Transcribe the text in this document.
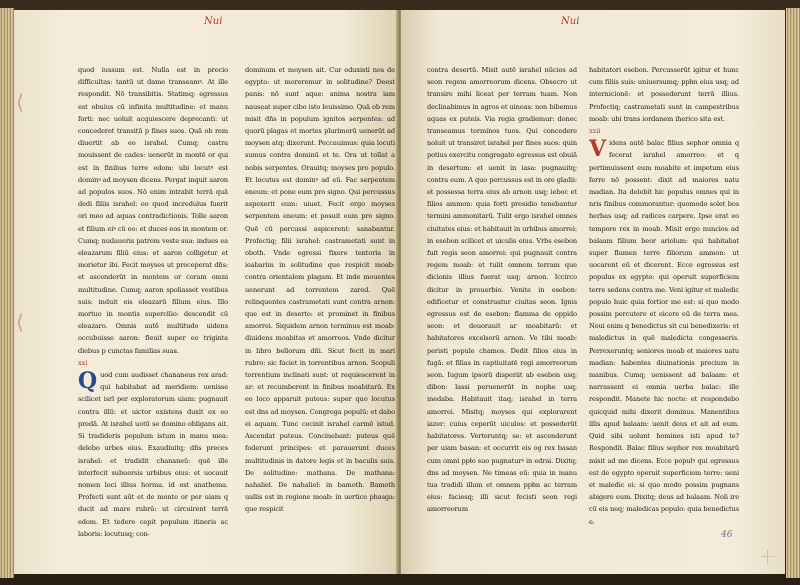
Nui
⟨
⟨

quod iussum est. Nulla est in precio difficultas: tantū ut dame transeamꝰ. At ille respondit. Nō transibitis. Statimq; egressus est obuius cū infinita multitudine: et manu forti: nec uoluit acquiescere deprecanti: ut concederet transitū p fines suos. Quā ob rem diuertit ab eo israhel. Cumq; castra mouissent de cades: uenerūt in montē or qui est in finibus terre edom: ubi locutꝰ est dominꝰ ad moysen dicens. Pergat inquit aaron ad populos suos. Nō enim intrabit terrā quā dedi filiis israhel: eo quod incredulus fuerit ori meo ad aquas contradictionis. Tolle aaron et filium eiꝰ cū eo: et duces eos in montem or. Cumq; nudaueris patrem veste sua: indues ea eleazarum filiū eius: et aaron colligetur et morietur ibi. Fecit moyses ut preceperat dñs: et ascenderūt in montem or coram omni multitudine. Cumq; aaron spoliasset vestibus suis: induit eis eleazarū filium eius. Illo mortuo in montis supercilio: descendit cū eleazaro. Omnis autē multitudo uidens occubuisse aaron: fleuit super eo triginta diebus p cunctas familias suas.

xxi

Quod cum audisset chananeus rex arad: qui habitabat ad meridiem: uenisse scilicet isrl per exploratorum uiam: pugnauit contra illū: et uictor existens duxit ex eo predā. At israhel uotū se domino obligans ait. Si tradideris populum istum in manu mea: delebo urbes eius. Exaudiuitq; dñs preces israhel: et tradidit chananeū: quē ille interfecit subuersis urbibus eius: et uocauit nomen loci illius horma. id est anathema. Profecti sunt aūt et de monte or per uiam q ducit ad mare rubrū: ut circuirent terrā edom. Et tedere cepit populum itineris ac laboris: locutusq; con-

dominum et moysen ait. Cur eduxisti nos de egypto: ut moreremur in solitudine? Deest panis: nō sunt aque: anima nostra iam nauseat super cibo isto leuissimo. Quā ob rem misit dñs in populum ignitos serpentes: ad quorū plagas et mortes plurimorū uenerūt ad moysen atq; dixerunt. Peccauimus: quia locuti sumus contra dominū et te. Ora ut tollat a nobis serpentes. Orauitq; moyses pro populo. Et locutus est dominꝰ ad eū. Fac serpentem eneum: et pone eum pro signo. Qui percussus aspexerit eum: uiuet. Fecit ergo moyses serpentem eneum: et posuit eum pro signo. Quē cū percussi aspicerent: sanabantur. Profectiq; filii israhel: castrametati sunt in oboth. Vnde egressi fixere tentoria in ieabarim in solitudine que respicit moab: contra orientalem plagam. Et inde mouentes uenerunt ad torrentem zared. Quē relinquentes castrametati sunt contra arnon: que est in deserto: et prominet in finibus amorrei. Siquidem arnon terminus est moab: diuidens moabitas et amorreos. Vnde dicitur in libro bellorum dñi. Sicut fecit in mari rubro: sic faciet in torrentibus arnon. Scopuli torrentium inclinati sunt: ut requiescerent in ar: et recumberent in finibus moabitarū. Ex eo loco apparuit puteus: super quo locutus est dns ad moysen. Congrega populū: et dabo ei aquam. Tunc cecinit israhel carmē istud. Ascendat puteus. Concinebant: puteus quē foderunt principes: et parauerunt duces multitudinis in datore legis et in baculis suis. De solitudine: mathana. De mathana: nahaliel. De nahaliel: in bamoth. Bamoth uallis est in regione moab: in uertice phasga: que respicit

Nui

contra desertū. Misit autē israhel nūcios ad seon regem amorreorum dicens. Obsecro ut transire mihi liceat per terram tuam. Non declinabimus in agros et uineas: non bibemus aquas ex puteis. Via regia gradiemur: donec transeamus terminos tuos. Qui concedere noluit ut transiret israhel per fines suos: quin potius exercitu congregato egressus est obuiā in desertum: et uenit in iasa: pugnauitq; contra eum. A quo percussus est in ore gladii: et possessa terra eius ab arnon usq; ieboc et filios ammon: quia forti presidio tenebantur termini ammonitarū. Tulit ergo israhel omnes ciuitates eius: et habitauit in urbibus amorrei: in esebon scilicet et uiculis eius. Vrbs esebon fuit regis seon amorrei: qui pugnauit contra regem moab: et tulit omnem terram que dicionis illius fuerat usq; arnon. Iccirco dicitur in prouerbio. Venite in esebon: edificetur et construatur ciuitas seon. Ignis egressus est de esebon: flamma de oppido seon: et deuorauit ar moabitarū: et habitatores excelsorū arnon. Ve tibi moab: peristi popule chamos. Dedit filios eius in fugā: et filias in captiuitatē regi amorreorum seon. Iugum ipsorū disperiit ab esebon usq; dibon: lassi peruenerūt in nophe usq; medaba. Habitauit itaq; israhel in terra amorrei. Misitq; moyses qui explorarent iazer: cuius ceperūt uiculos: et possederūt habitatores. Verteruntq; se: et ascenderunt per uiam basan: et occurrit eis og rex basan cum omni ppło suo pugnaturꝰ in edrai. Dixitq; dns ad moysen. Ne timeas eū: quia in manu tua tradidi illum et omnem ppłm ac terram eius: faciesq; illi sicut fecisti seon regi amorreorum

habitatori esebon. Percusserūt igitur et hunc cum filiis suis: uniuersumq; ppłm eius usq; ad internicionē: et possederunt terrā illius. Profectiq; castrametati sunt in campestribus moab: ubi trans iordanem iherico sita est.

xxii

Videns autē balac filius sephor omnia q fecerat israhel amorreo: et q pertimuissent eum moabite et impetum eius ferre nō possent: dixit ad maiores natu madian. Ita delebit hic populus omnes qui in nris finibus commorantur: quomodo solet bos herbas usq; ad radices carpere. Ipse erat eo tempore rex in moab. Misit ergo nuncios ad balaam filium beor ariolum: qui habitabat super flumen terre filiorum ammon: ut uocarent eū et dicerent. Ecce egressus est populus ex egypto: qui operuit superficiem terre sedens contra me. Veni igitur et maledic populo huic quia fortior me est: si quo modo possim percutere et eicere eū de terra mea. Noui enim q benedictus sit cui benedixeris: et maledictus in quē maledicta congesseris. Perrexeruntq; seniores moab et maiores natu madian: habentes diuinationis precium in manibus. Cumq; uenissent ad balaam: et narrassent ei omnia uerba balac: ille respondit. Manete hic nocte: et respondebo quicquid mihi dixerit dominus. Manentibus illis apud balaam: uenit deus et ait ad eum. Quid sibi uolunt homines isti apud te? Respondit. Balac filius sephor rex moabitarū misit ad me dicens. Ecce populꝰ qui egressus est de egypto operuit superficiem terre: ueni et maledic ei: si quo modo possim pugnans abigere eum. Dixitq; deus ad balaam. Noli ire cū eis neq; maledicas populo: quia benedictus e.

46
